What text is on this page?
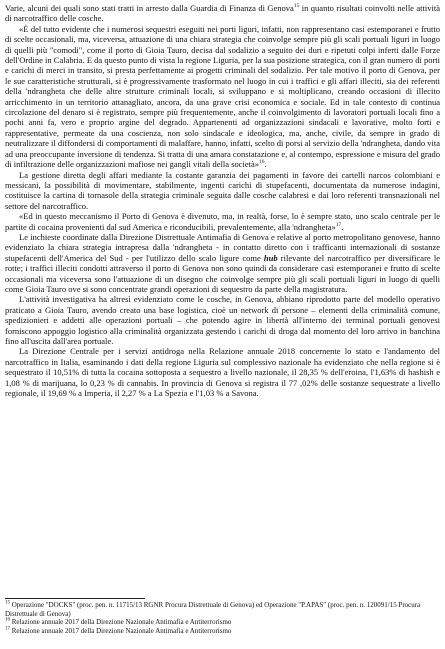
Varie, alcuni dei quali sono stati tratti in arresto dalla Guardia di Finanza di Genova$^{15}$ in quanto risultati coinvolti nelle attività di narcotraffico delle cosche.

«È del tutto evidente che i numerosi sequestri eseguiti nei porti liguri, infatti, non rappresentano casi estemporanei e frutto di scelte occasionali, ma, viceversa, attuazione di una chiara strategia che coinvolge sempre più gli scali portuali liguri in luogo di quelli più "comodi", come il porto di Gioia Tauro, decisa dal sodalizio a seguito dei duri e ripetuti colpi inferti dalle Forze dell'Ordine in Calabria. E da questo punto di vista la regione Liguria, per la sua posizione strategica, con il gran numero di porti e carichi di merci in transito, si presta perfettamente ai progetti criminali del sodalizio. Per tale motivo il porto di Genova, per le sue caratteristiche strutturali, si è progressivamente trasformato nel luogo in cui i traffici e gli affari illeciti, sia dei referenti della 'ndrangheta che delle altre strutture criminali locali, si sviluppano e si moltiplicano, creando occasioni di illecito arricchimento in un territorio attanagliato, ancora, da una grave crisi economica e sociale. Ed in tale contesto di continua circolazione del denaro si è registrato, sempre più frequentemente, anche il coinvolgimento di lavoratori portuali locali fino a pochi anni fa, vero e proprio argine del degrado. Appartenenti ad organizzazioni sindacali e lavorative, molto forti e rappresentative, permeate da una coscienza, non solo sindacale e ideologica, ma, anche, civile, da sempre in grado di neutralizzare il diffondersi di comportamenti di malaffare, hanno, infatti, scelto di porsi al servizio della 'ndrangheta, dando vita ad una preoccupante inversione di tendenza. Si tratta di una amara constatazione e, al contempo, espressione e misura del grado di infiltrazione delle organizzazioni mafiose nei gangli vitali della società»$^{16}$.

La gestione diretta degli affari mediante la costante garanzia dei pagamenti in favore dei cartelli narcos colombiani e messicani, la possibilità di movimentare, stabilmente, ingenti carichi di stupefacenti, documentata da numerose indagini, costituisce la cartina di tornasole della strategia criminale seguita dalle cosche calabresi e dai loro referenti transnazionali nel settore del narcotraffico.

«Ed in questo meccanismo il Porto di Genova è divenuto, ma, in realtà, forse, lo è sempre stato, uno scalo centrale per le partite di cocaina provenienti dal sud America e riconducibili, prevalentemente, alla 'ndrangheta»$^{17}$.

Le inchieste coordinate dalla Direzione Distrettuale Antimafia di Genova e relative al porto metropolitano genovese, hanno evidenziato la chiara strategia intrapresa dalla 'ndrangheta - in contatto diretto con i trafficanti internazionali di sostanze stupefacenti dell'America del Sud - per l'utilizzo dello scalo ligure come hub rilevante del narcotraffico per diversificare le rotte; i traffici illeciti condotti attraverso il porto di Genova non sono quindi da considerare casi estemporanei e frutto di scelte occasionali ma viceversa sono l'attuazione di un disegno che coinvolge sempre più gli scali portuali liguri in luogo di quelli come Gioia Tauro ove si sono concentrate grandi operazioni di sequestro da parte della magistratura.

L'attività investigativa ha altresì evidenziato come le cosche, in Genova, abbiano riprodotto parte del modello operativo praticato a Gioia Tauro, avendo creato una base logistica, cioè un network di persone – elementi della criminalità comune, spedizionieri e addetti alle operazioni portuali – che potendo agire in libertà all'interno dei terminal portuali genovesi forniscono appoggio logistico alla criminalità organizzata gestendo i carichi di droga dal momento del loro arrivo in banchina fino all'uscita dall'area portuale.

La Direzione Centrale per i servizi antidroga nella Relazione annuale 2018 concernente lo stato e l'andamento del narcotraffico in Italia, esaminando i dati della regione Liguria sul complessivo nazionale ha evidenziato che nella regione si è sequestrato il 10,51% di tutta la cocaina sottoposta a sequestro a livello nazionale, il 28,35 % dell'eroina, l'1,63% di hashish e 1,08 % di marijuana, lo 0,23 % di cannabis. In provincia di Genova si registra il 77 ,02% delle sostanze sequestrate a livello regionale, il 19,69 % a Imperia, il 2,27 % a La Spezia e l'1,03 % a Savona.

$^{15}$ Operazione "DOCKS" (proc. pen. n. 11715/13 RGNR Procura Distrettuale di Genova) ed Operazione "P.APAS" (proc. pen. n. 120091/15 Procura Distrettuale di Genova)

$^{16}$ Relazione annuale 2017 della Direzione Nazionale Antimafia e Antiterrorismo

$^{17}$ Relazione annuale 2017 della Direzione Nazionale Antimafia e Antiterrorismo
